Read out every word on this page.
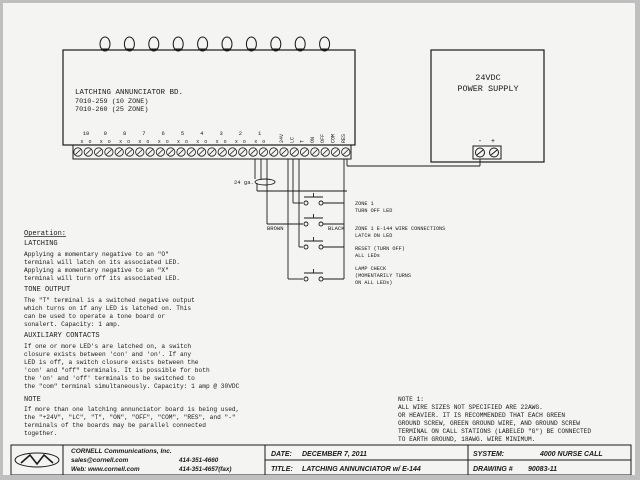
LATCHING ANNUNCIATOR BD.
7010-259 (10 ZONE)
7010-260 (25 ZONE)
10
x o
9
x o
8
x o
7
x o
6
x o
5
x o
4
x o
3
x o
2
x o
1
x o	24V LC T ON OFF COM RES
24VDC
POWER SUPPLY
- +
24 ga.
BROWN	BLACK
ZONE 1
TURN OFF LED
ZONE 1 E-144 WIRE CONNECTIONS
LATCH ON LED
RESET (TURN OFF)
ALL LEDs
LAMP CHECK
(MOMENTARILY TURNS
ON ALL LEDs)
Operation:
LATCHING
Applying a momentary negative to an "O"
terminal will latch on its associated LED.
Applying a momentary negative to an "X"
terminal will turn off its associated LED.
TONE OUTPUT
The "T" terminal is a switched negative output
which turns on if any LED is latched on. This
can be used to operate a tone board or
sonalert. Capacity: 1 amp.
AUXILIARY CONTACTS
If one or more LED's are latched on, a switch
closure exists between 'con' and 'on'. If any
LED is off, a switch closure exists between the
'con' and "off" terminals. It is possible for both
the 'on' and 'off' terminals to be switched to
the "com" terminal simultaneously. Capacity: 1 amp @ 30VDC
NOTE
If more than one latching annunciator board is being used,
the "+24V", "LC", "T", "ON", "OFF", "COM", "RES", and "-"
terminals of the boards may be parallel connected
together.
NOTE 1:
ALL WIRE SIZES NOT SPECIFIED ARE 22AWG.
OR HEAVIER. IT IS RECOMMENDED THAT EACH GREEN
GROUND SCREW, GREEN GROUND WIRE, AND GROUND SCREW
TERMINAL ON CALL STATIONS (LABELED "G") BE CONNECTED
TO EARTH GROUND, 18AWG. WIRE MINIMUM.
CORNELL Communications, Inc.
sales@cornell.com	414-351-4660
Web: www.cornell.com	414-351-4657(fax)
DATE: DECEMBER 7, 2011	SYSTEM:	4000 NURSE CALL
TITLE: LATCHING ANNUNCIATOR w/ E-144	DRAWING # 90083-11
